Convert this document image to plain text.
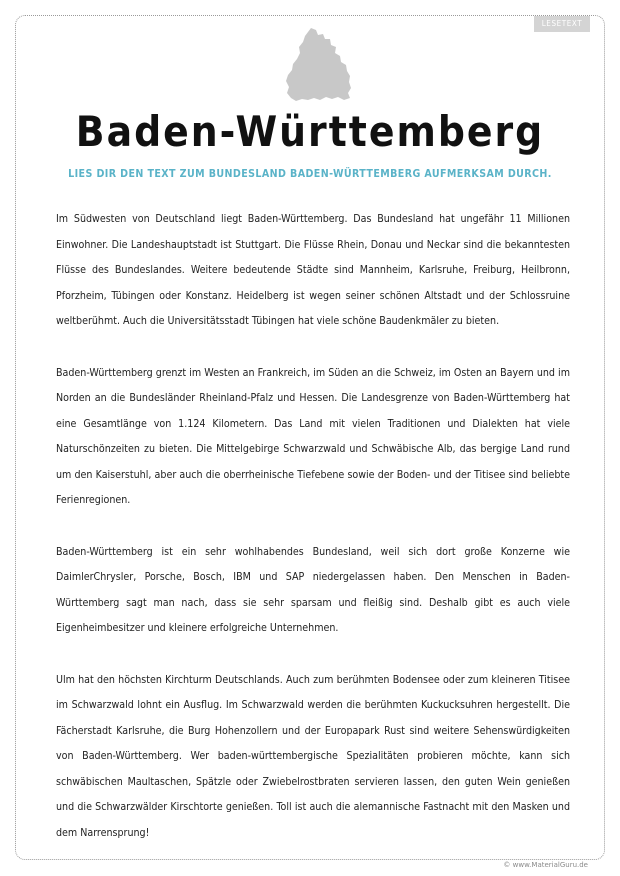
LESETEXT
Baden-Württemberg
LIES DIR DEN TEXT ZUM BUNDESLAND BADEN-WÜRTTEMBERG AUFMERKSAM DURCH.

Im Südwesten von Deutschland liegt Baden-Württemberg. Das Bundesland hat ungefähr 11 Millionen Einwohner. Die Landeshauptstadt ist Stuttgart. Die Flüsse Rhein, Donau und Neckar sind die bekanntesten Flüsse des Bundeslandes. Weitere bedeutende Städte sind Mannheim, Karlsruhe, Freiburg, Heilbronn, Pforzheim, Tübingen oder Konstanz. Heidelberg ist wegen seiner schönen Altstadt und der Schlossruine weltberühmt. Auch die Universitätsstadt Tübingen hat viele schöne Baudenkmäler zu bieten.

Baden-Württemberg grenzt im Westen an Frankreich, im Süden an die Schweiz, im Osten an Bayern und im Norden an die Bundesländer Rheinland-Pfalz und Hessen. Die Landesgrenze von Baden-Württemberg hat eine Gesamtlänge von 1.124 Kilometern. Das Land mit vielen Traditionen und Dialekten hat viele Naturschönzeiten zu bieten. Die Mittelgebirge Schwarzwald und Schwäbische Alb, das bergige Land rund um den Kaiserstuhl, aber auch die oberrheinische Tiefebene sowie der Boden- und der Titisee sind beliebte Ferienregionen.

Baden-Württemberg ist ein sehr wohlhabendes Bundesland, weil sich dort große Konzerne wie DaimlerChrysler, Porsche, Bosch, IBM und SAP niedergelassen haben. Den Menschen in Baden-Württemberg sagt man nach, dass sie sehr sparsam und fleißig sind. Deshalb gibt es auch viele Eigenheimbesitzer und kleinere erfolgreiche Unternehmen.

Ulm hat den höchsten Kirchturm Deutschlands. Auch zum berühmten Bodensee oder zum kleineren Titisee im Schwarzwald lohnt ein Ausflug. Im Schwarzwald werden die berühmten Kuckucksuhren hergestellt. Die Fächerstadt Karlsruhe, die Burg Hohenzollern und der Europapark Rust sind weitere Sehenswürdigkeiten von Baden-Württemberg. Wer baden-württembergische Spezialitäten probieren möchte, kann sich schwäbischen Maultaschen, Spätzle oder Zwiebelrostbraten servieren lassen, den guten Wein genießen und die Schwarzwälder Kirschtorte genießen. Toll ist auch die alemannische Fastnacht mit den Masken und dem Narrensprung!

© www.MaterialGuru.de
